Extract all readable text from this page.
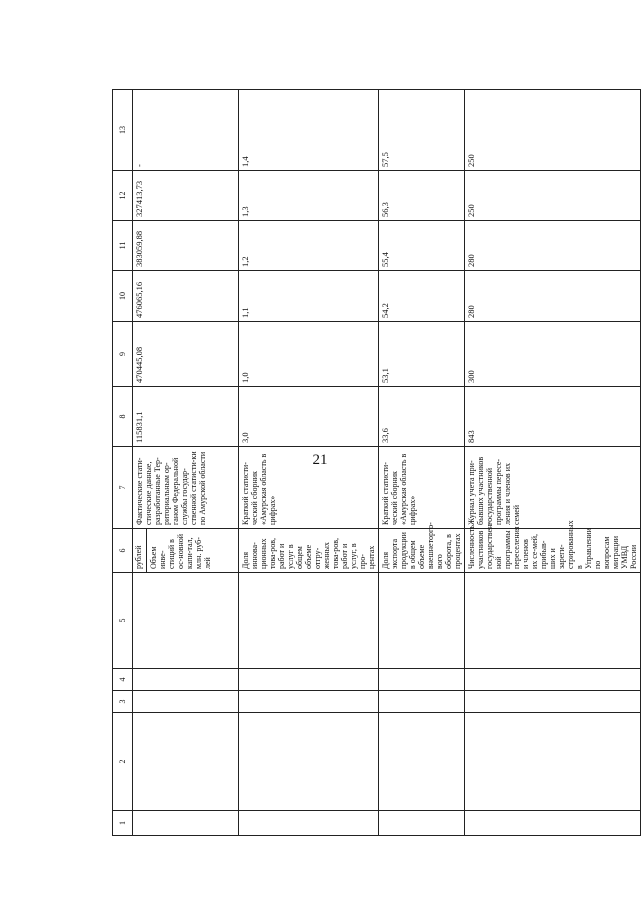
21
1	2	3	4	5	6	7	8	9	10	11	12	13

					рублей Объем инве-стиций в ос-новной капи-тал, млн. руб-лей	Фактические стати-стические данные, разработанные Тер-риториальным ор-ганом Федеральной службы государ-ственной статисти-ки по Амурской области	115831,1	470445,08	476065,16	383059,88	327413,73	-
					Доля иннова-ционных това-ров, работ и услуг в общем объеме отгру-женных това-ров, работ и услуг, в про-центах	Краткий статисти-ческий сборник «Амурская область в цифрах»	3,0	1,0	1,1	1,2	1,3	1,4
					Доля экспорта продукции в общем объеме внешнеторго-вого оборота, в процентах	Краткий статисти-ческий сборник «Амурская область в цифрах»	33,6	53,1	54,2	55,4	56,3	57,5
					Численность участников государствен-ной программы переселения и членов их се-мей, прибыв-ших и зареги-стрированных в Управлении по вопросам миграции УМВД России	Журнал учета при-бывших участников государственной программы пересе-ления и членов их семей	843	300	280	280	250	250
